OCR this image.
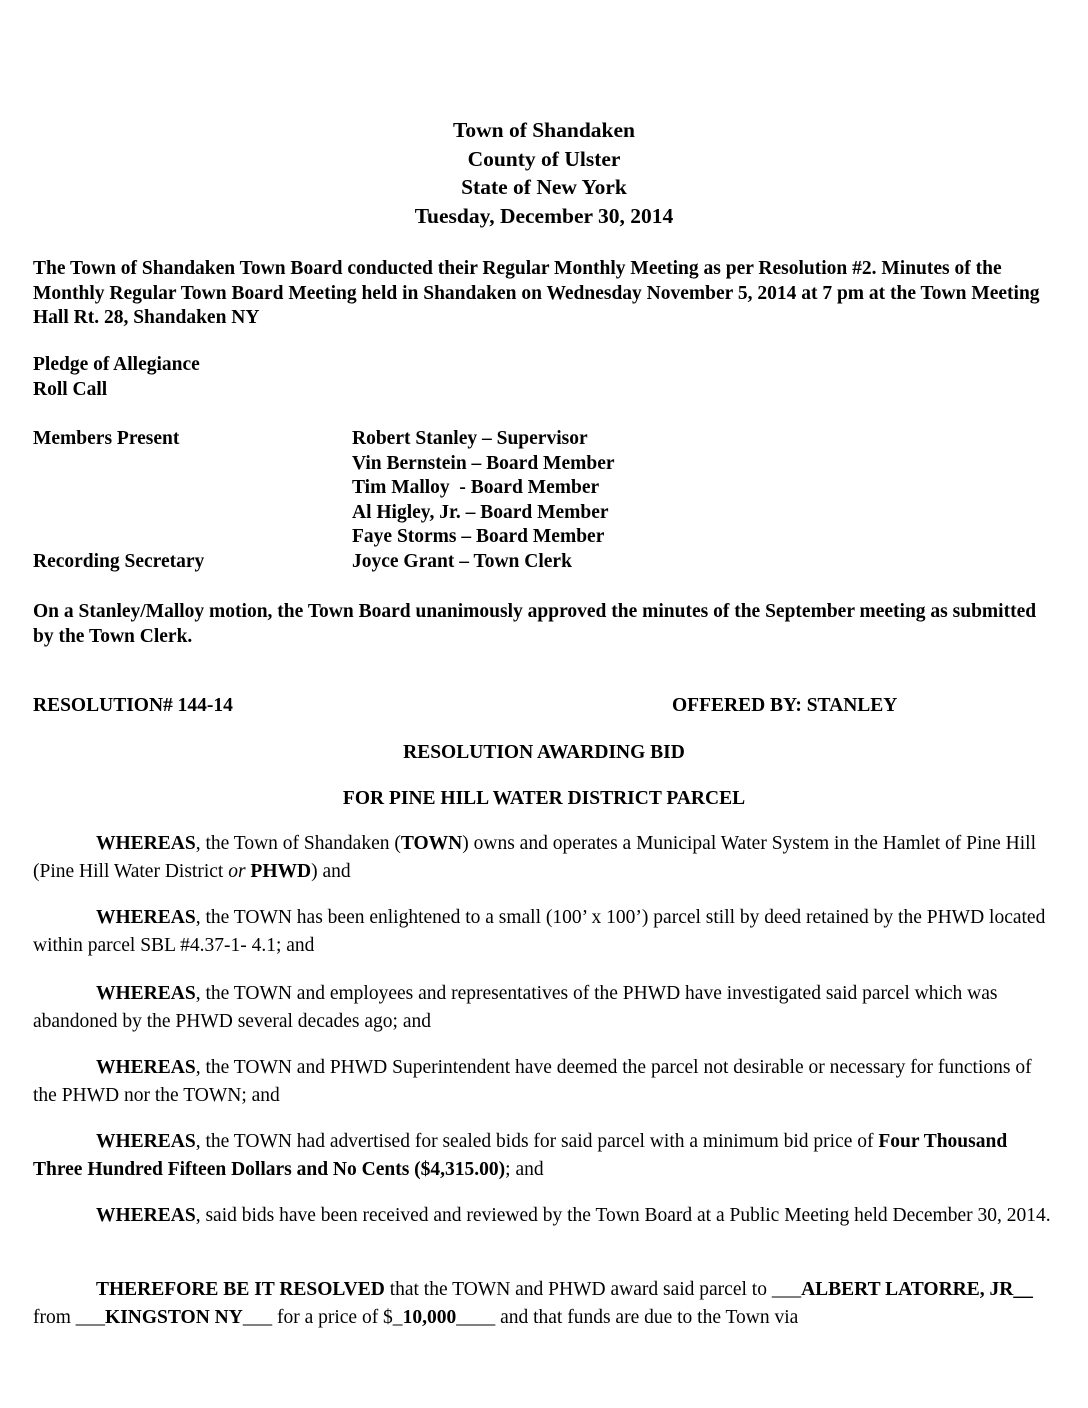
Town of Shandaken
County of Ulster
State of New York
Tuesday, December 30, 2014

The Town of Shandaken Town Board conducted their Regular Monthly Meeting as per Resolution #2. Minutes of the Monthly Regular Town Board Meeting held in Shandaken on Wednesday November 5, 2014 at 7 pm at the Town Meeting Hall Rt. 28, Shandaken NY

Pledge of Allegiance
Roll Call
Members Present	Robert Stanley – Supervisor
Vin Bernstein – Board Member
Tim Malloy  - Board Member
Al Higley, Jr. – Board Member
Faye Storms – Board Member
Recording Secretary	Joyce Grant – Town Clerk

On a Stanley/Malloy motion, the Town Board unanimously approved the minutes of the September meeting as submitted by the Town Clerk.

RESOLUTION# 144-14	OFFERED BY: STANLEY
RESOLUTION AWARDING BID
FOR PINE HILL WATER DISTRICT PARCEL

WHEREAS, the Town of Shandaken (TOWN) owns and operates a Municipal Water System in the Hamlet of Pine Hill (Pine Hill Water District or PHWD) and

WHEREAS, the TOWN has been enlightened to a small (100’ x 100’) parcel still by deed retained by the PHWD located within parcel SBL #4.37-1- 4.1; and

WHEREAS, the TOWN and employees and representatives of the PHWD have investigated said parcel which was abandoned by the PHWD several decades ago; and

WHEREAS, the TOWN and PHWD Superintendent have deemed the parcel not desirable or necessary for functions of the PHWD nor the TOWN; and

WHEREAS, the TOWN had advertised for sealed bids for said parcel with a minimum bid price of Four Thousand Three Hundred Fifteen Dollars and No Cents ($4,315.00); and

WHEREAS, said bids have been received and reviewed by the Town Board at a Public Meeting held December 30, 2014.

THEREFORE BE IT RESOLVED that the TOWN and PHWD award said parcel to ___ALBERT LATORRE, JR__ from ___KINGSTON NY___ for a price of $_10,000____ and that funds are due to the Town via
